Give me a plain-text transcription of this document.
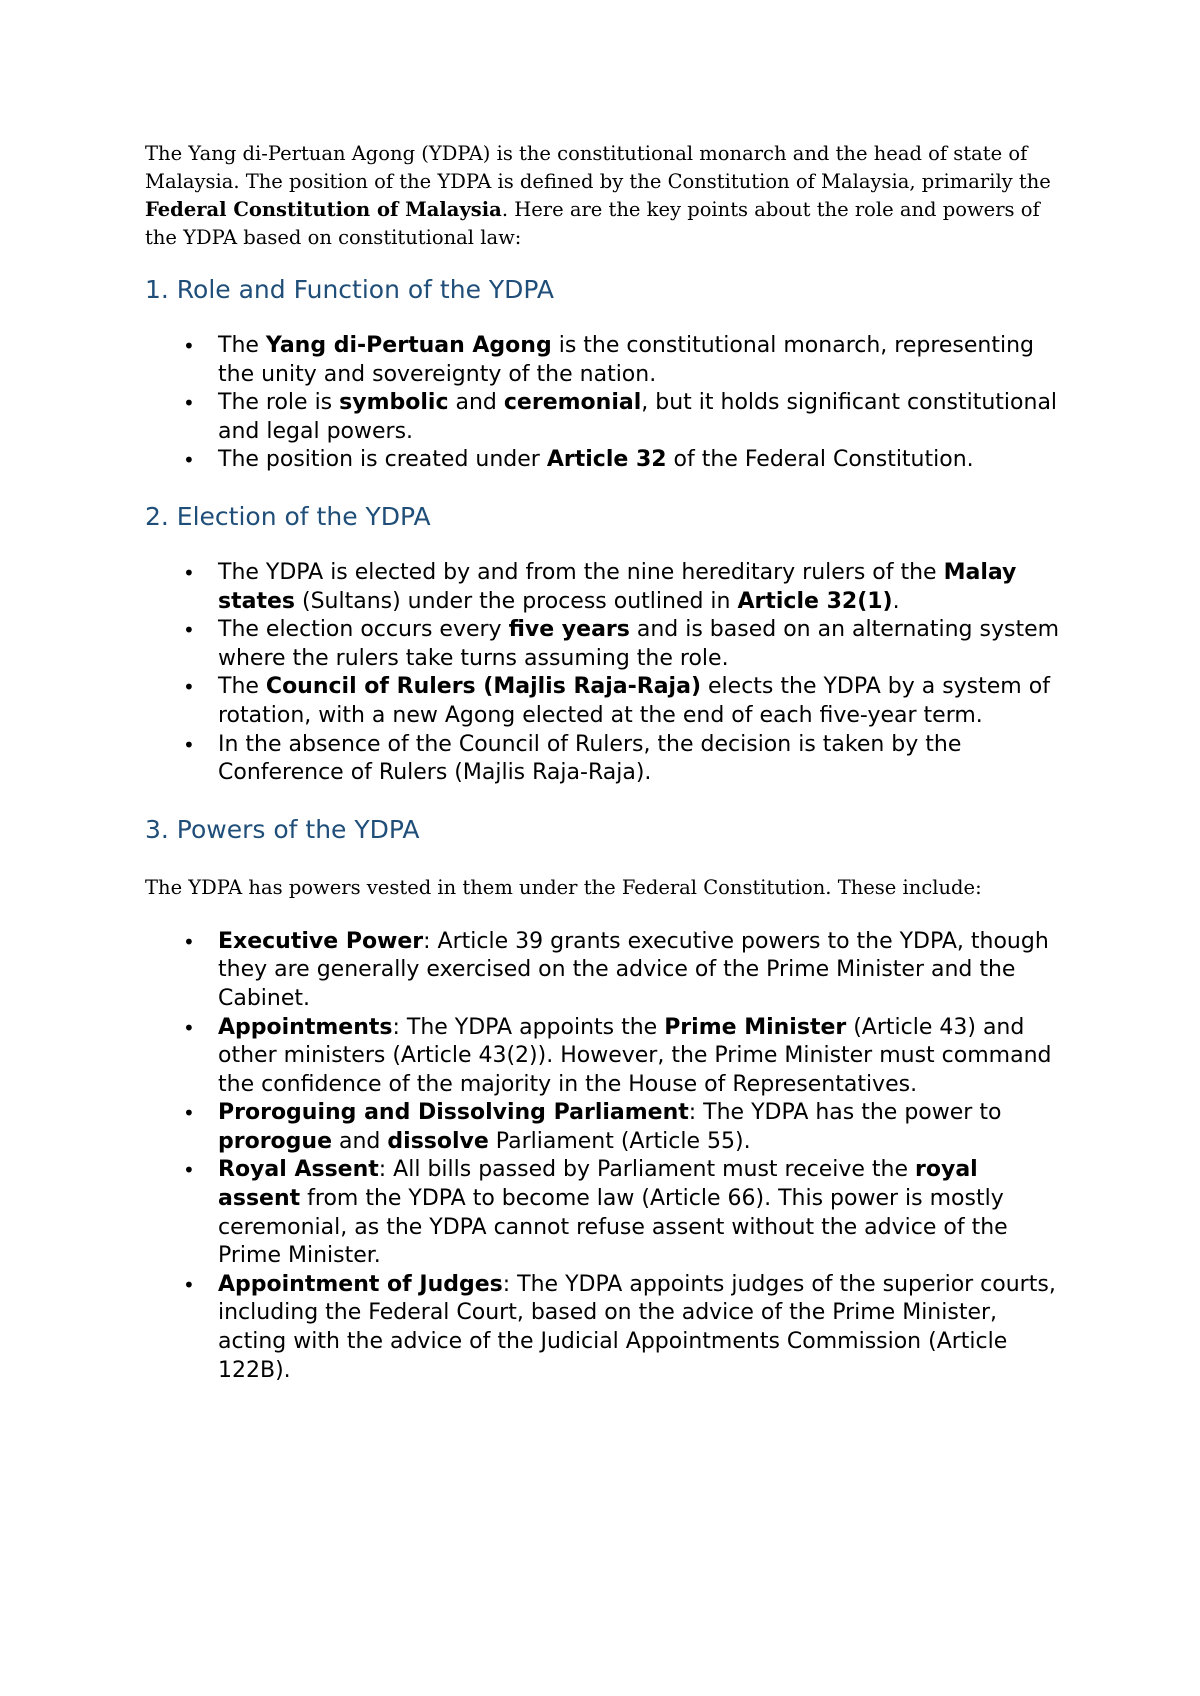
The Yang di-Pertuan Agong (YDPA) is the constitutional monarch and the head of state of Malaysia. The position of the YDPA is defined by the Constitution of Malaysia, primarily the Federal Constitution of Malaysia. Here are the key points about the role and powers of the YDPA based on constitutional law:

1. Role and Function of the YDPA
• The Yang di-Pertuan Agong is the constitutional monarch, representing the unity and sovereignty of the nation.
• The role is symbolic and ceremonial, but it holds significant constitutional and legal powers.
• The position is created under Article 32 of the Federal Constitution.
2. Election of the YDPA
• The YDPA is elected by and from the nine hereditary rulers of the Malay states (Sultans) under the process outlined in Article 32(1).
• The election occurs every five years and is based on an alternating system where the rulers take turns assuming the role.
• The Council of Rulers (Majlis Raja-Raja) elects the YDPA by a system of rotation, with a new Agong elected at the end of each five-year term.
• In the absence of the Council of Rulers, the decision is taken by the Conference of Rulers (Majlis Raja-Raja).
3. Powers of the YDPA

The YDPA has powers vested in them under the Federal Constitution. These include:

• Executive Power: Article 39 grants executive powers to the YDPA, though they are generally exercised on the advice of the Prime Minister and the Cabinet.
• Appointments: The YDPA appoints the Prime Minister (Article 43) and other ministers (Article 43(2)). However, the Prime Minister must command the confidence of the majority in the House of Representatives.
• Proroguing and Dissolving Parliament: The YDPA has the power to prorogue and dissolve Parliament (Article 55).
• Royal Assent: All bills passed by Parliament must receive the royal assent from the YDPA to become law (Article 66). This power is mostly ceremonial, as the YDPA cannot refuse assent without the advice of the Prime Minister.
• Appointment of Judges: The YDPA appoints judges of the superior courts, including the Federal Court, based on the advice of the Prime Minister, acting with the advice of the Judicial Appointments Commission (Article 122B).
